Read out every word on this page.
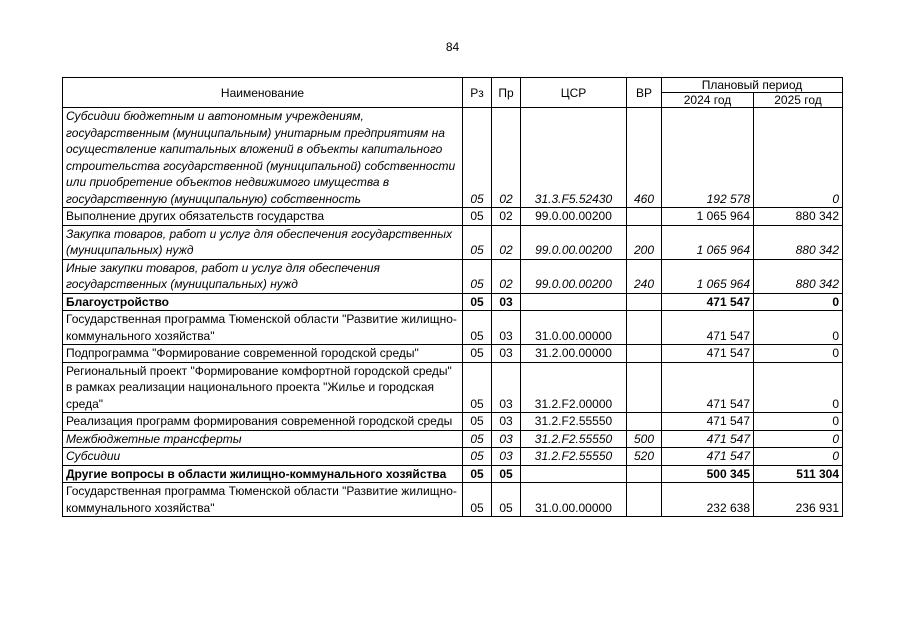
84
Наименование	Рз	Пр	ЦСР	ВР	Плановый период	
					2024 год	2025 год
Субсидии бюджетным и автономным учреждениям, государственным (муниципальным) унитарным предприятиям на осуществление капитальных вложений в объекты капитального строительства государственной (муниципальной) собственности или приобретение объектов недвижимого имущества в государственную (муниципальную) собственность	05	02	31.3.F5.52430	460	192 578	0
Выполнение других обязательств государства	05	02	99.0.00.00200		1 065 964	880 342
Закупка товаров, работ и услуг для обеспечения государственных (муниципальных) нужд	05	02	99.0.00.00200	200	1 065 964	880 342
Иные закупки товаров, работ и услуг для обеспечения государственных (муниципальных) нужд	05	02	99.0.00.00200	240	1 065 964	880 342
Благоустройство	05	03			471 547	0
Государственная программа Тюменской области "Развитие жилищно-коммунального хозяйства"	05	03	31.0.00.00000		471 547	0
Подпрограмма "Формирование современной городской среды"	05	03	31.2.00.00000		471 547	0
Региональный проект "Формирование комфортной городской среды" в рамках реализации национального проекта "Жилье и городская среда"	05	03	31.2.F2.00000		471 547	0
Реализация программ формирования современной городской среды	05	03	31.2.F2.55550		471 547	0
Межбюджетные трансферты	05	03	31.2.F2.55550	500	471 547	0
Субсидии	05	03	31.2.F2.55550	520	471 547	0
Другие вопросы в области жилищно-коммунального хозяйства	05	05			500 345	511 304
Государственная программа Тюменской области "Развитие жилищно-коммунального хозяйства"	05	05	31.0.00.00000		232 638	236 931
